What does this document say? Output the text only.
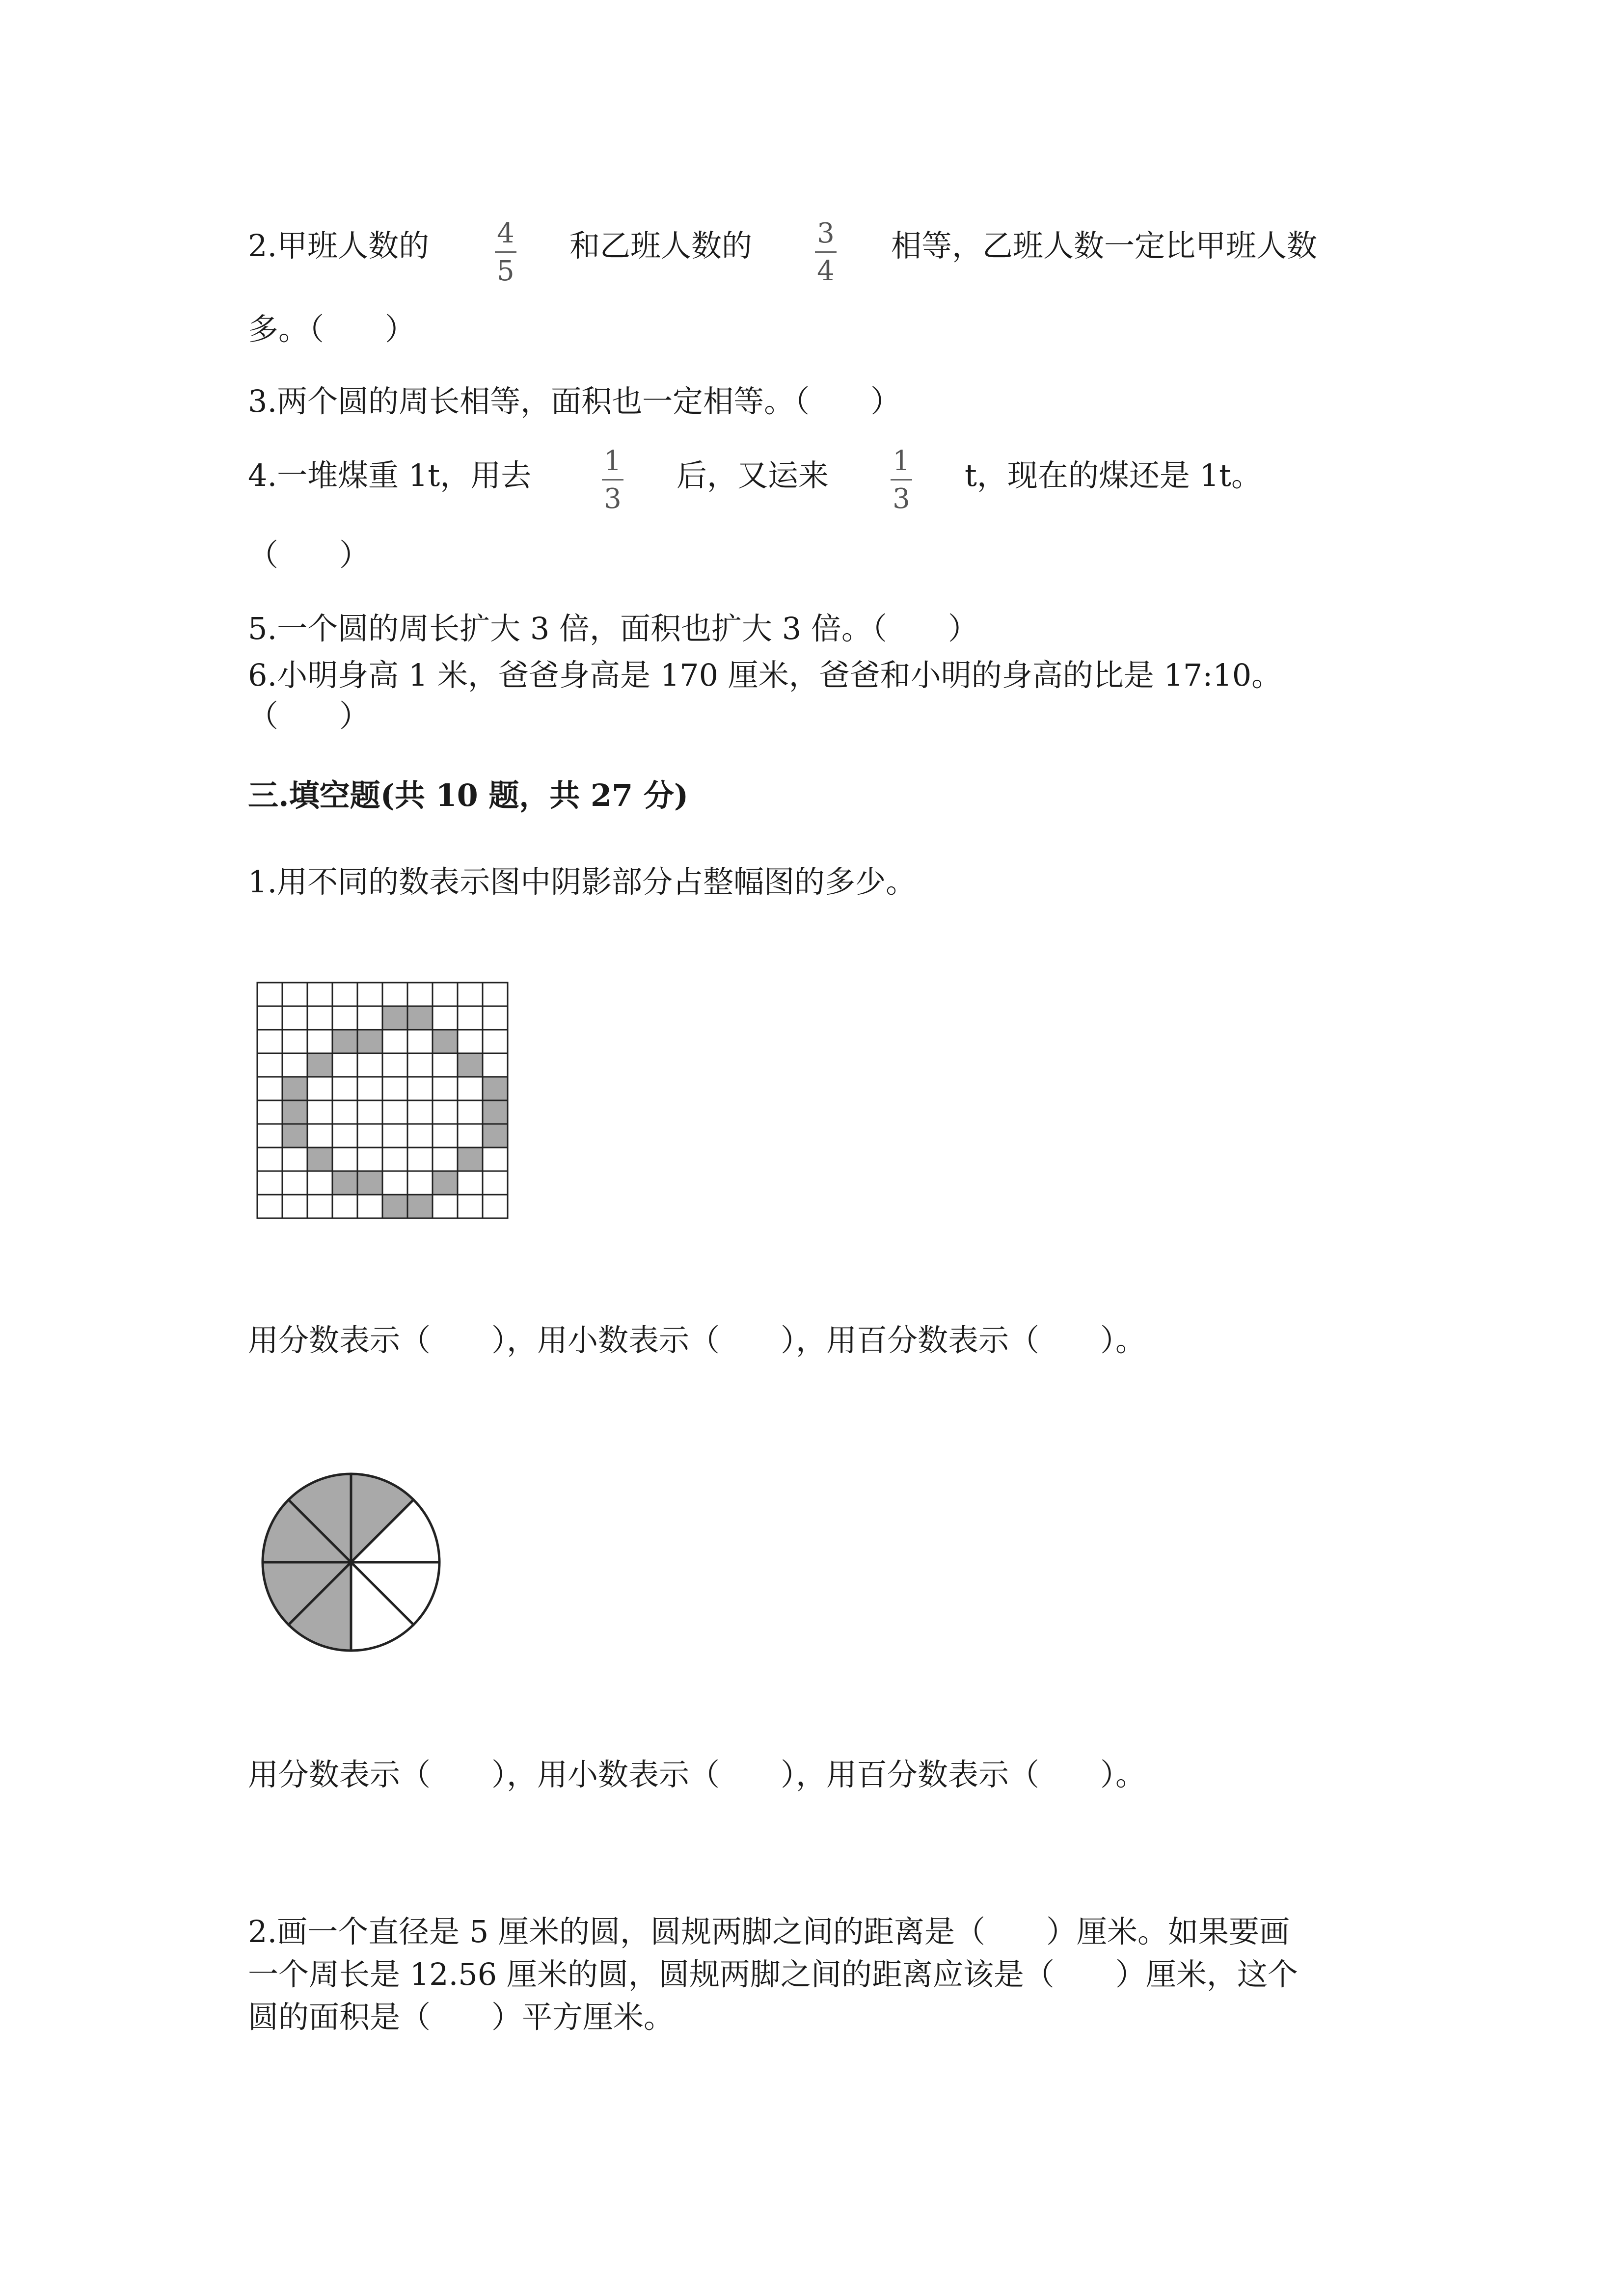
2.甲班人数的 4
5
和乙班人数的 3
4
相等，乙班人数一定比甲班人数
多。（　　）
3.两个圆的周长相等，面积也一定相等。（　　）
4.一堆煤重 1t，用去	1
3
后，又运来 1
3
t，现在的煤还是 1t。
（　　）
5.一个圆的周长扩大 3 倍，面积也扩大 3 倍。（　　）
6.小明身高 1 米，爸爸身高是 170 厘米，爸爸和小明的身高的比是 17:10。
（　　）
三.填空题(共 10 题，共 27 分)
1.用不同的数表示图中阴影部分占整幅图的多少。
用分数表示（　　），用小数表示（　　），用百分数表示（　　）。
用分数表示（　　），用小数表示（　　），用百分数表示（　　）。
2.画一个直径是 5 厘米的圆，圆规两脚之间的距离是（　　）厘米。如果要画
一个周长是 12.56 厘米的圆，圆规两脚之间的距离应该是（　　）厘米，这个
圆的面积是（　　）平方厘米。
